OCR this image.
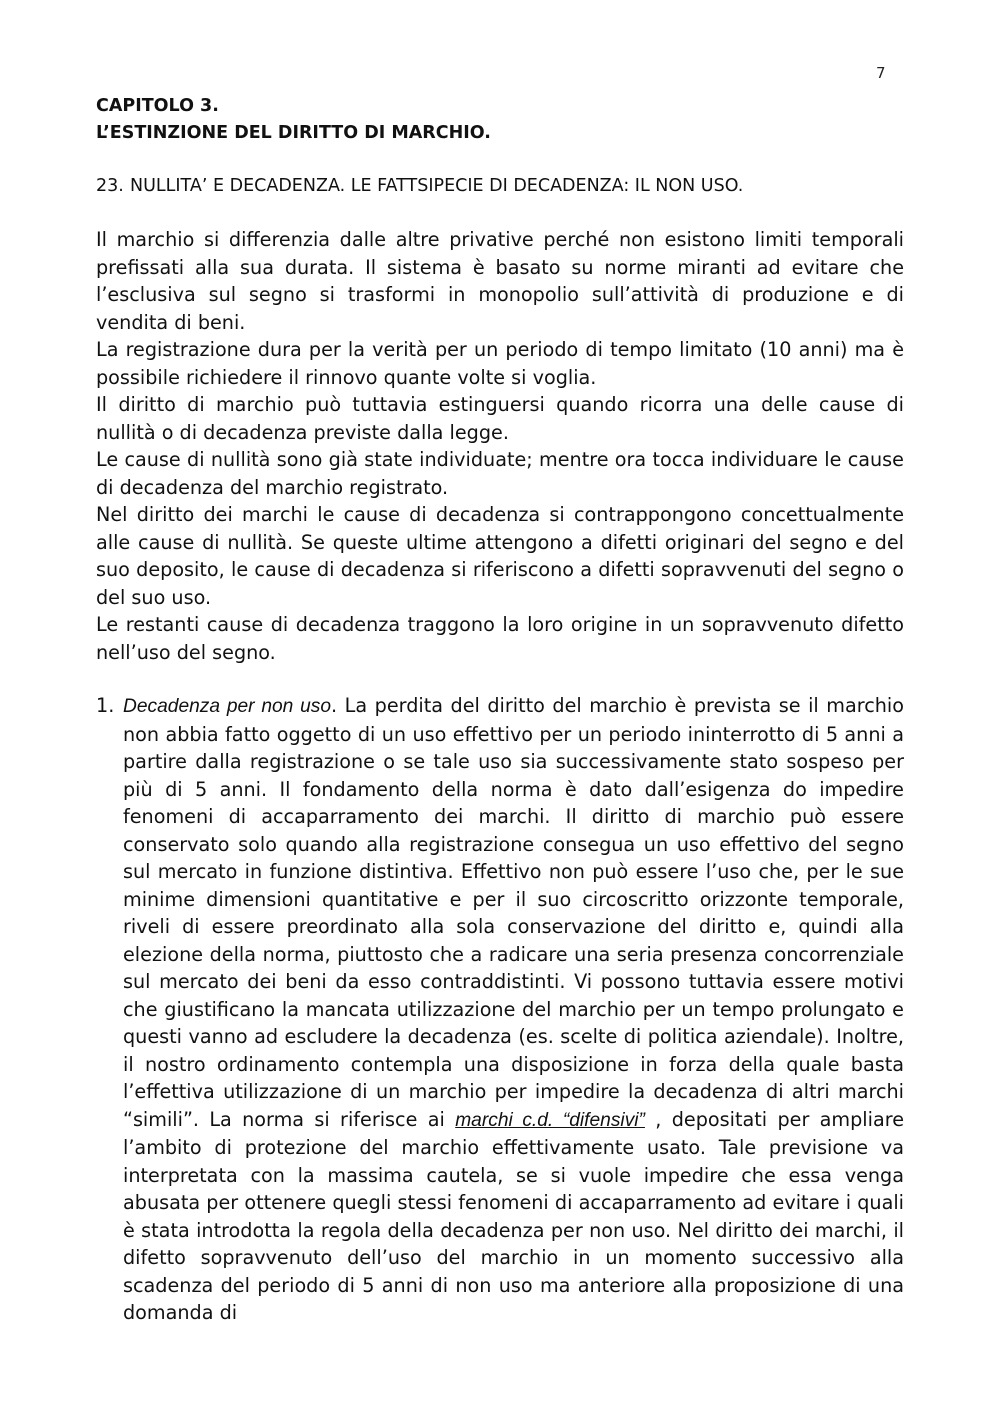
7
CAPITOLO 3.
L’ESTINZIONE DEL DIRITTO DI MARCHIO.
23. NULLITA’ E DECADENZA. LE FATTSIPECIE DI DECADENZA: IL NON USO.

Il marchio si differenzia dalle altre privative perché non esistono limiti temporali prefissati alla sua durata. Il sistema è basato su norme miranti ad evitare che l’esclusiva sul segno si trasformi in monopolio sull’attività di produzione e di vendita di beni.

La registrazione dura per la verità per un periodo di tempo limitato (10 anni) ma è possibile richiedere il rinnovo quante volte si voglia.

Il diritto di marchio può tuttavia estinguersi quando ricorra una delle cause di nullità o di decadenza previste dalla legge.

Le cause di nullità sono già state individuate; mentre ora tocca individuare le cause di decadenza del marchio registrato.

Nel diritto dei marchi le cause di decadenza si contrappongono concettualmente alle cause di nullità. Se queste ultime attengono a difetti originari del segno e del suo deposito, le cause di decadenza si riferiscono a difetti sopravvenuti del segno o del suo uso.

Le restanti cause di decadenza traggono la loro origine in un sopravvenuto difetto nell’uso del segno.

1. Decadenza per non uso. La perdita del diritto del marchio è prevista se il marchio non abbia fatto oggetto di un uso effettivo per un periodo ininterrotto di 5 anni a partire dalla registrazione o se tale uso sia successivamente stato sospeso per più di 5 anni. Il fondamento della norma è dato dall’esigenza do impedire fenomeni di accaparramento dei marchi. Il diritto di marchio può essere conservato solo quando alla registrazione consegua un uso effettivo del segno sul mercato in funzione distintiva. Effettivo non può essere l’uso che, per le sue minime dimensioni quantitative e per il suo circoscritto orizzonte temporale, riveli di essere preordinato alla sola conservazione del diritto e, quindi alla elezione della norma, piuttosto che a radicare una seria presenza concorrenziale sul mercato dei beni da esso contraddistinti. Vi possono tuttavia essere motivi che giustificano la mancata utilizzazione del marchio per un tempo prolungato e questi vanno ad escludere la decadenza (es. scelte di politica aziendale). Inoltre, il nostro ordinamento contempla una disposizione in forza della quale basta l’effettiva utilizzazione di un marchio per impedire la decadenza di altri marchi “simili”. La norma si riferisce ai marchi c.d. “difensivi” , depositati per ampliare l’ambito di protezione del marchio effettivamente usato. Tale previsione va interpretata con la massima cautela, se si vuole impedire che essa venga abusata per ottenere quegli stessi fenomeni di accaparramento ad evitare i quali è stata introdotta la regola della decadenza per non uso. Nel diritto dei marchi, il difetto sopravvenuto dell’uso del marchio in un momento successivo alla scadenza del periodo di 5 anni di non uso ma anteriore alla proposizione di una domanda di
